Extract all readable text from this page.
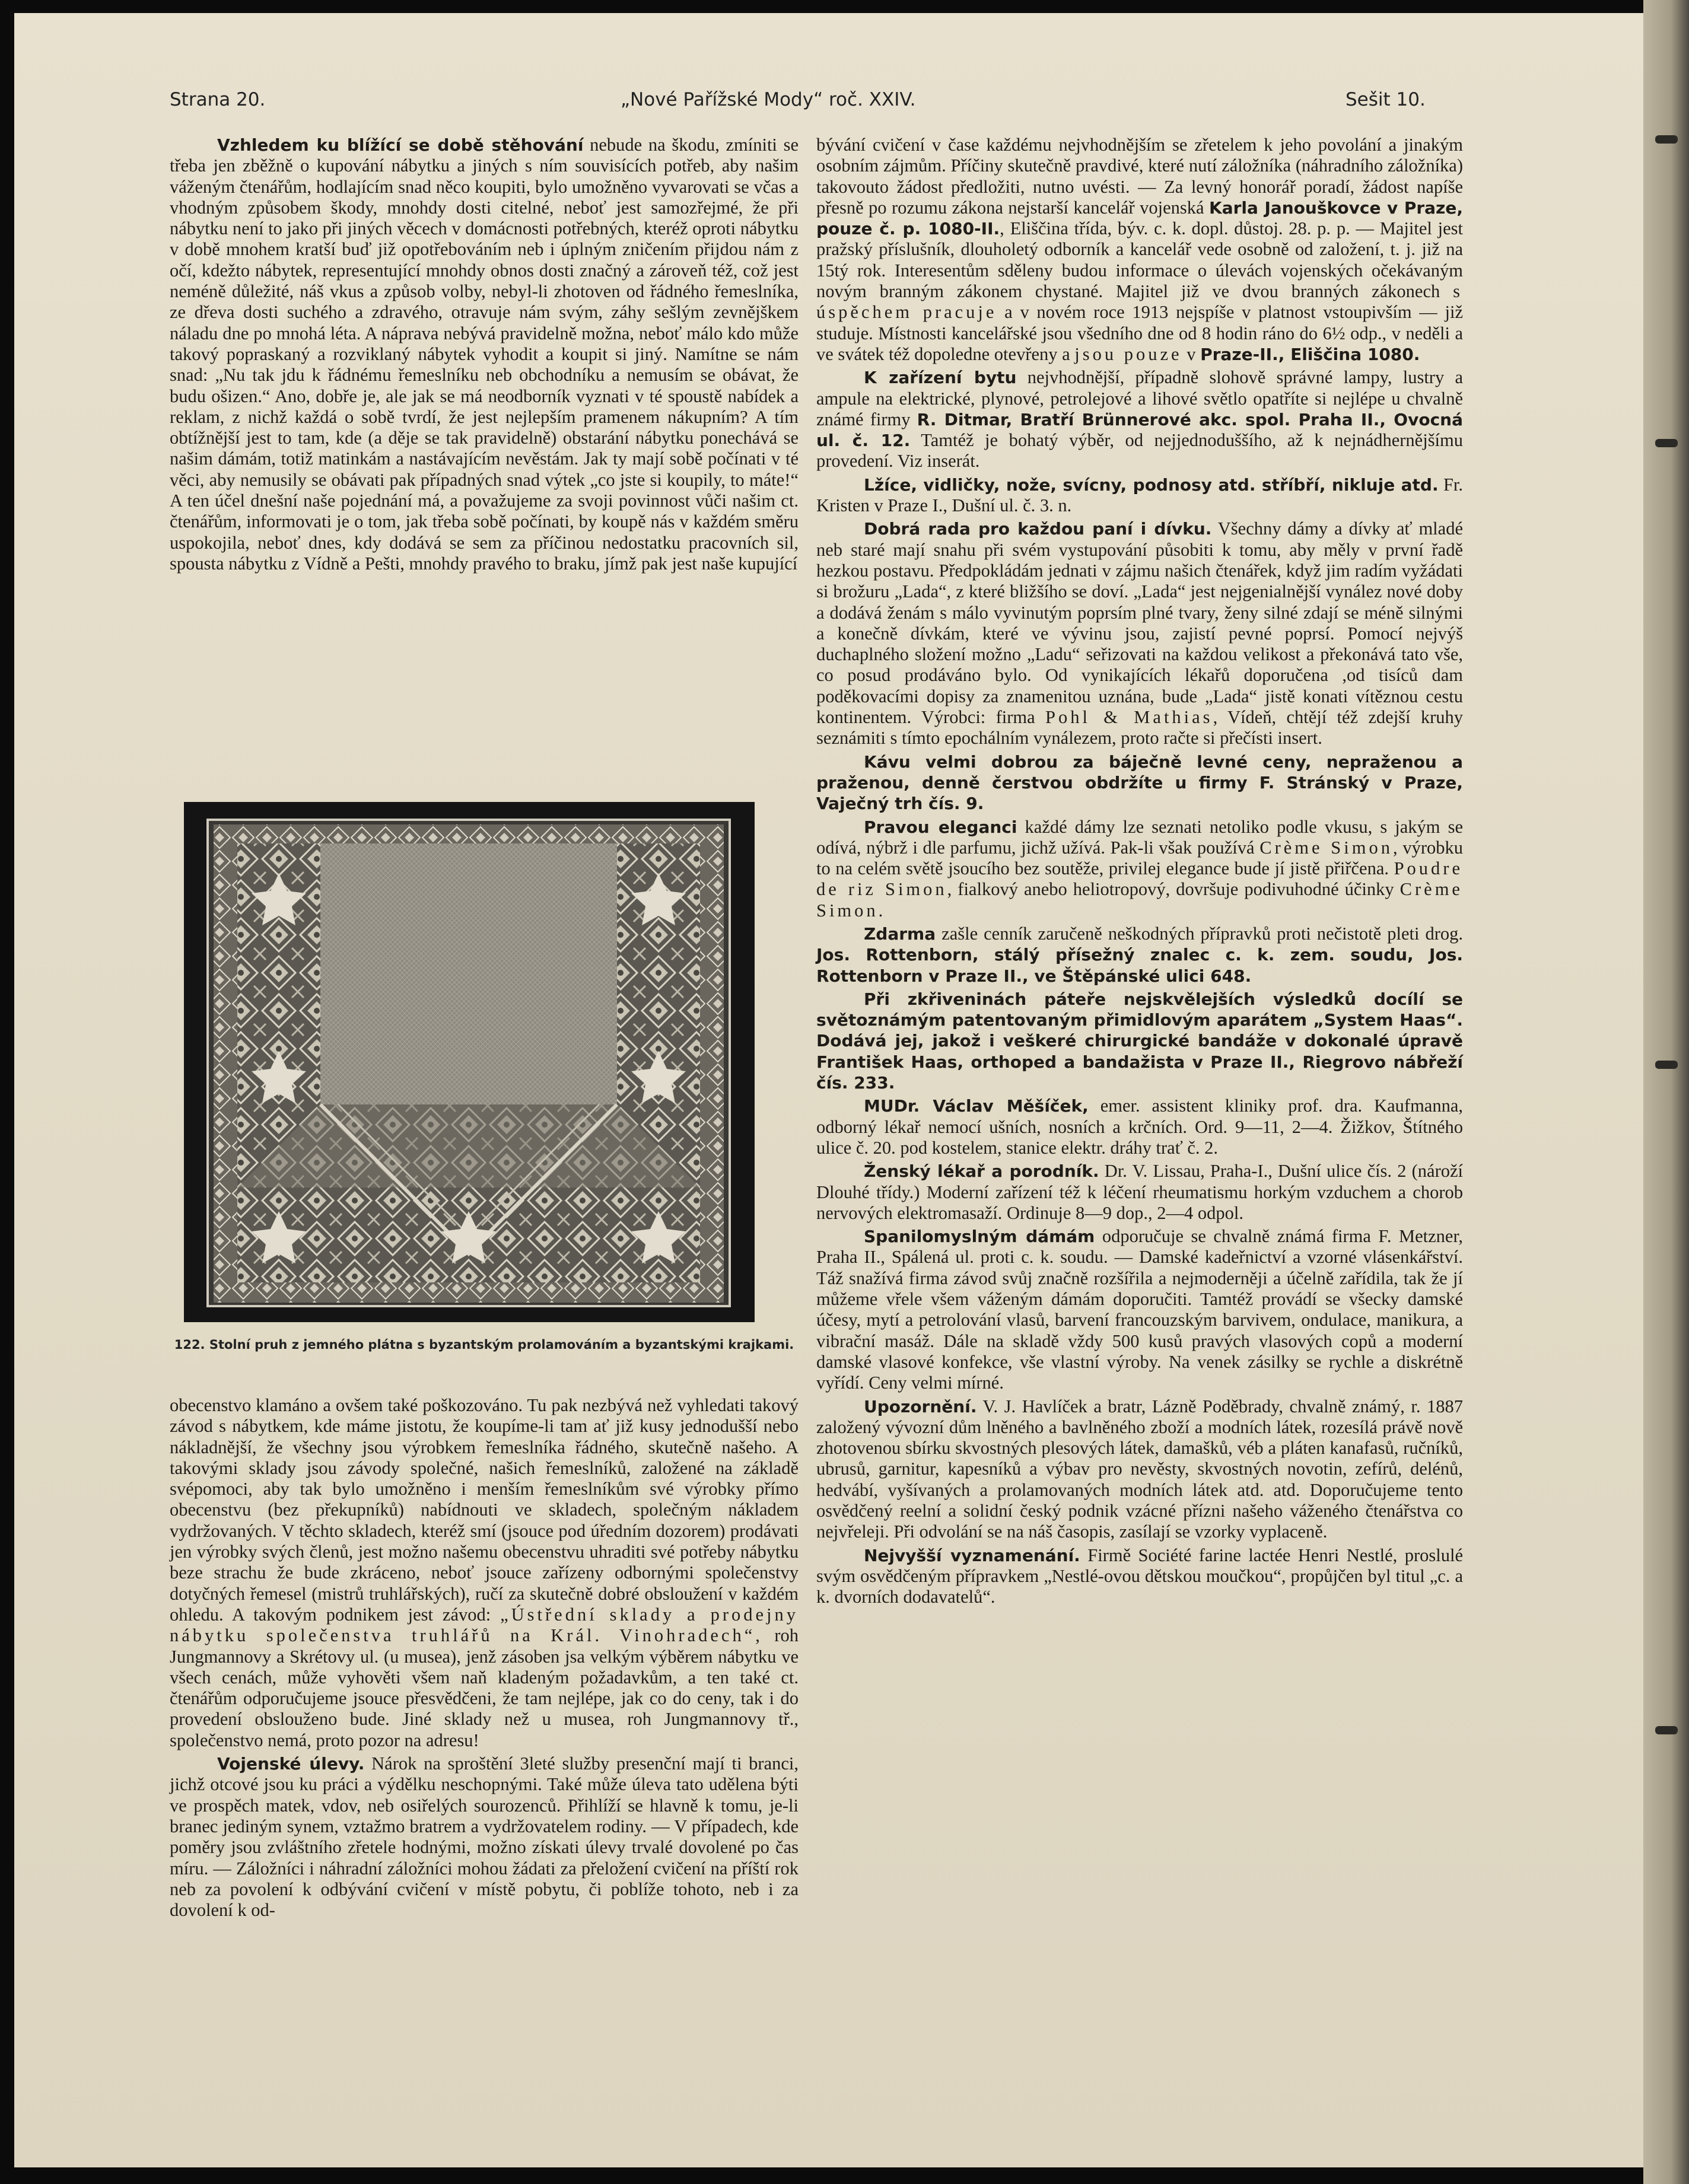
Strana 20.	„Nové Pařížské Mody“ roč. XXIV.	Sešit 10.

Vzhledem ku blížící se době stěhování nebude na škodu, zmíniti se třeba jen zběžně o kupování nábytku a jiných s ním souvisících potřeb, aby našim váženým čtenářům, hodlajícím snad něco koupiti, bylo umožněno vyvarovati se včas a vhodným způsobem škody, mnohdy dosti citelné, neboť jest samozřejmé, že při nábytku není to jako při jiných věcech v domácnosti potřebných, kteréž oproti nábytku v době mnohem kratší buď již opotřebováním neb i úplným zničením přijdou nám z očí, kdežto nábytek, representující mnohdy obnos dosti značný a zároveň též, což jest neméně důležité, náš vkus a způsob volby, nebyl-li zhotoven od řádného řemeslníka, ze dřeva dosti suchého a zdravého, otravuje nám svým, záhy sešlým zevnějškem náladu dne po mnohá léta. A náprava nebývá pravidelně možna, neboť málo kdo může takový popraskaný a rozviklaný nábytek vyhodit a koupit si jiný. Namítne se nám snad: „Nu tak jdu k řádnému řemeslníku neb obchodníku a nemusím se obávat, že budu ošizen.“ Ano, dobře je, ale jak se má neodborník vyznati v té spoustě nabídek a reklam, z nichž každá o sobě tvrdí, že jest nejlepším pramenem nákupním? A tím obtížnější jest to tam, kde (a děje se tak pravidelně) obstarání nábytku ponechává se našim dámám, totiž matinkám a nastávajícím nevěstám. Jak ty mají sobě počínati v té věci, aby nemusily se obávati pak případných snad výtek „co jste si koupily, to máte!“ A ten účel dnešní naše pojednání má, a považujeme za svoji povinnost vůči našim ct. čtenářům, informovati je o tom, jak třeba sobě počínati, by koupě nás v každém směru uspokojila, neboť dnes, kdy dodává se sem za příčinou nedostatku pracovních sil, spousta nábytku z Vídně a Pešti, mnohdy pravého to braku, jímž pak jest naše kupující

122. Stolní pruh z jemného plátna s byzantským prolamováním a byzantskými krajkami.

obecenstvo klamáno a ovšem také poškozováno. Tu pak nezbývá než vyhledati takový závod s nábytkem, kde máme jistotu, že koupíme-li tam ať již kusy jednodušší nebo nákladnější, že všechny jsou výrobkem řemeslníka řádného, skutečně našeho. A takovými sklady jsou závody společné, našich řemeslníků, založené na základě svépomoci, aby tak bylo umožněno i menším řemeslníkům své výrobky přímo obecenstvu (bez překupníků) nabídnouti ve skladech, společným nákladem vydržovaných. V těchto skladech, kteréž smí (jsouce pod úředním dozorem) prodávati jen výrobky svých členů, jest možno našemu obecenstvu uhraditi své potřeby nábytku beze strachu že bude zkráceno, neboť jsouce zařízeny odbornými společenstvy dotyčných řemesel (mistrů truhlářských), ručí za skutečně dobré obsloužení v každém ohledu. A takovým podnikem jest závod: „Ústřední sklady a prodejny nábytku společenstva truhlářů na Král. Vinohradech“, roh Jungmannovy a Skrétovy ul. (u musea), jenž zásoben jsa velkým výběrem nábytku ve všech cenách, může vyhověti všem naň kladeným požadavkům, a ten také ct. čtenářům odporučujeme jsouce přesvědčeni, že tam nejlépe, jak co do ceny, tak i do provedení obslouženo bude. Jiné sklady než u musea, roh Jungmannovy tř., společenstvo nemá, proto pozor na adresu!

Vojenské úlevy. Nárok na sproštění 3leté služby presenční mají ti branci, jichž otcové jsou ku práci a výdělku neschopnými. Také může úleva tato udělena býti ve prospěch matek, vdov, neb osiřelých sourozenců. Přihlíží se hlavně k tomu, je-li branec jediným synem, vztažmo bratrem a vydržovatelem rodiny. — V případech, kde poměry jsou zvláštního zřetele hodnými, možno získati úlevy trvalé dovolené po čas míru. — Záložníci i náhradní záložníci mohou žádati za přeložení cvičení na příští rok neb za povolení k odbývání cvičení v místě pobytu, či poblíže tohoto, neb i za dovolení k od-

bývání cvičení v čase každému nejvhodnějším se zřetelem k jeho povolání a jinakým osobním zájmům. Příčiny skutečně pravdivé, které nutí záložníka (náhradního záložníka) takovouto žádost předložiti, nutno uvésti. — Za levný honorář poradí, žádost napíše přesně po rozumu zákona nejstarší kancelář vojenská Karla Janouškovce v Praze, pouze č. p. 1080-II., Eliščina třída, býv. c. k. dopl. důstoj. 28. p. p. — Majitel jest pražský příslušník, dlouholetý odborník a kancelář vede osobně od založení, t. j. již na 15tý rok. Interesentům sděleny budou informace o úlevách vojenských očekávaným novým branným zákonem chystané. Majitel již ve dvou branných zákonech s úspěchem pracuje a v novém roce 1913 nejspíše v platnost vstoupivším — již studuje. Místnosti kancelářské jsou všedního dne od 8 hodin ráno do 6½ odp., v neděli a ve svátek též dopoledne otevřeny a jsou pouze v Praze-II., Eliščina 1080.

K zařízení bytu nejvhodnější, případně slohově správné lampy, lustry a ampule na elektrické, plynové, petrolejové a lihové světlo opatříte si nejlépe u chvalně známé firmy R. Ditmar, Bratří Brünnerové akc. spol. Praha II., Ovocná ul. č. 12. Tamtéž je bohatý výběr, od nejjednoduššího, až k nejnádhernějšímu provedení. Viz inserát.

Lžíce, vidličky, nože, svícny, podnosy atd. stříbří, nikluje atd. Fr. Kristen v Praze I., Dušní ul. č. 3. n.

Dobrá rada pro každou paní i dívku. Všechny dámy a dívky ať mladé neb staré mají snahu při svém vystupování působiti k tomu, aby měly v první řadě hezkou postavu. Předpokládám jednati v zájmu našich čtenářek, když jim radím vyžádati si brožuru „Lada“, z které bližšího se doví. „Lada“ jest nejgenialnější vynález nové doby a dodává ženám s málo vyvinutým poprsím plné tvary, ženy silné zdají se méně silnými a konečně dívkám, které ve vývinu jsou, zajistí pevné poprsí. Pomocí nejvýš duchaplného složení možno „Ladu“ seřizovati na každou velikost a překonává tato vše, co posud prodáváno bylo. Od vynikajících lékařů doporučena ,od tisíců dam poděkovacími dopisy za znamenitou uznána, bude „Lada“ jistě konati vítěznou cestu kontinentem. Výrobci: firma Pohl & Mathias, Vídeň, chtějí též zdejší kruhy seznámiti s tímto epochálním vynálezem, proto račte si přečísti insert.

Kávu velmi dobrou za báječně levné ceny, nepraženou a praženou, denně čerstvou obdržíte u firmy F. Stránský v Praze, Vaječný trh čís. 9.

Pravou eleganci každé dámy lze seznati netoliko podle vkusu, s jakým se odívá, nýbrž i dle parfumu, jichž užívá. Pak-li však používá Crème Simon, výrobku to na celém světě jsoucího bez soutěže, privilej elegance bude jí jistě přiřčena. Poudre de riz Simon, fialkový anebo heliotropový, dovršuje podivuhodné účinky Crème Simon.

Zdarma zašle cenník zaručeně neškodných přípravků proti nečistotě pleti drog. Jos. Rottenborn, stálý přísežný znalec c. k. zem. soudu, Jos. Rottenborn v Praze II., ve Štěpánské ulici 648.

Při zkřiveninách páteře nejskvělejších výsledků docílí se světoznámým patentovaným přimidlovým aparátem „System Haas“. Dodává jej, jakož i veškeré chirurgické bandáže v dokonalé úpravě František Haas, orthoped a bandažista v Praze II., Riegrovo nábřeží čís. 233.

MUDr. Václav Měšíček, emer. assistent kliniky prof. dra. Kaufmanna, odborný lékař nemocí ušních, nosních a krčních. Ord. 9—11, 2—4. Žižkov, Štítného ulice č. 20. pod kostelem, stanice elektr. dráhy trať č. 2.

Ženský lékař a porodník. Dr. V. Lissau, Praha-I., Dušní ulice čís. 2 (nároží Dlouhé třídy.) Moderní zařízení též k léčení rheumatismu horkým vzduchem a chorob nervových elektromasaží. Ordinuje 8—9 dop., 2—4 odpol.

Spanilomyslným dámám odporučuje se chvalně známá firma F. Metzner, Praha II., Spálená ul. proti c. k. soudu. — Damské kadeřnictví a vzorné vlásenkářství. Táž snažívá firma závod svůj značně rozšířila a nejmoderněji a účelně zařídila, tak že jí můžeme vřele všem váženým dámám doporučiti. Tamtéž provádí se všecky damské účesy, mytí a petrolování vlasů, barvení francouzským barvivem, ondulace, manikura, a vibrační masáž. Dále na skladě vždy 500 kusů pravých vlasových copů a moderní damské vlasové konfekce, vše vlastní výroby. Na venek zásilky se rychle a diskrétně vyřídí. Ceny velmi mírné.

Upozornění. V. J. Havlíček a bratr, Lázně Poděbrady, chvalně známý, r. 1887 založený vývozní dům lněného a bavlněného zboží a modních látek, rozesílá právě nově zhotovenou sbírku skvostných plesových látek, damašků, véb a pláten kanafasů, ručníků, ubrusů, garnitur, kapesníků a výbav pro nevěsty, skvostných novotin, zefírů, delénů, hedvábí, vyšívaných a prolamovaných modních látek atd. atd. Doporučujeme tento osvědčený reelní a solidní český podnik vzácné přízni našeho váženého čtenářstva co nejvřeleji. Při odvolání se na náš časopis, zasílají se vzorky vyplaceně.

Nejvyšší vyznamenání. Firmě Société farine lactée Henri Nestlé, proslulé svým osvědčeným přípravkem „Nestlé-ovou dětskou moučkou“, propůjčen byl titul „c. a k. dvorních dodavatelů“.
